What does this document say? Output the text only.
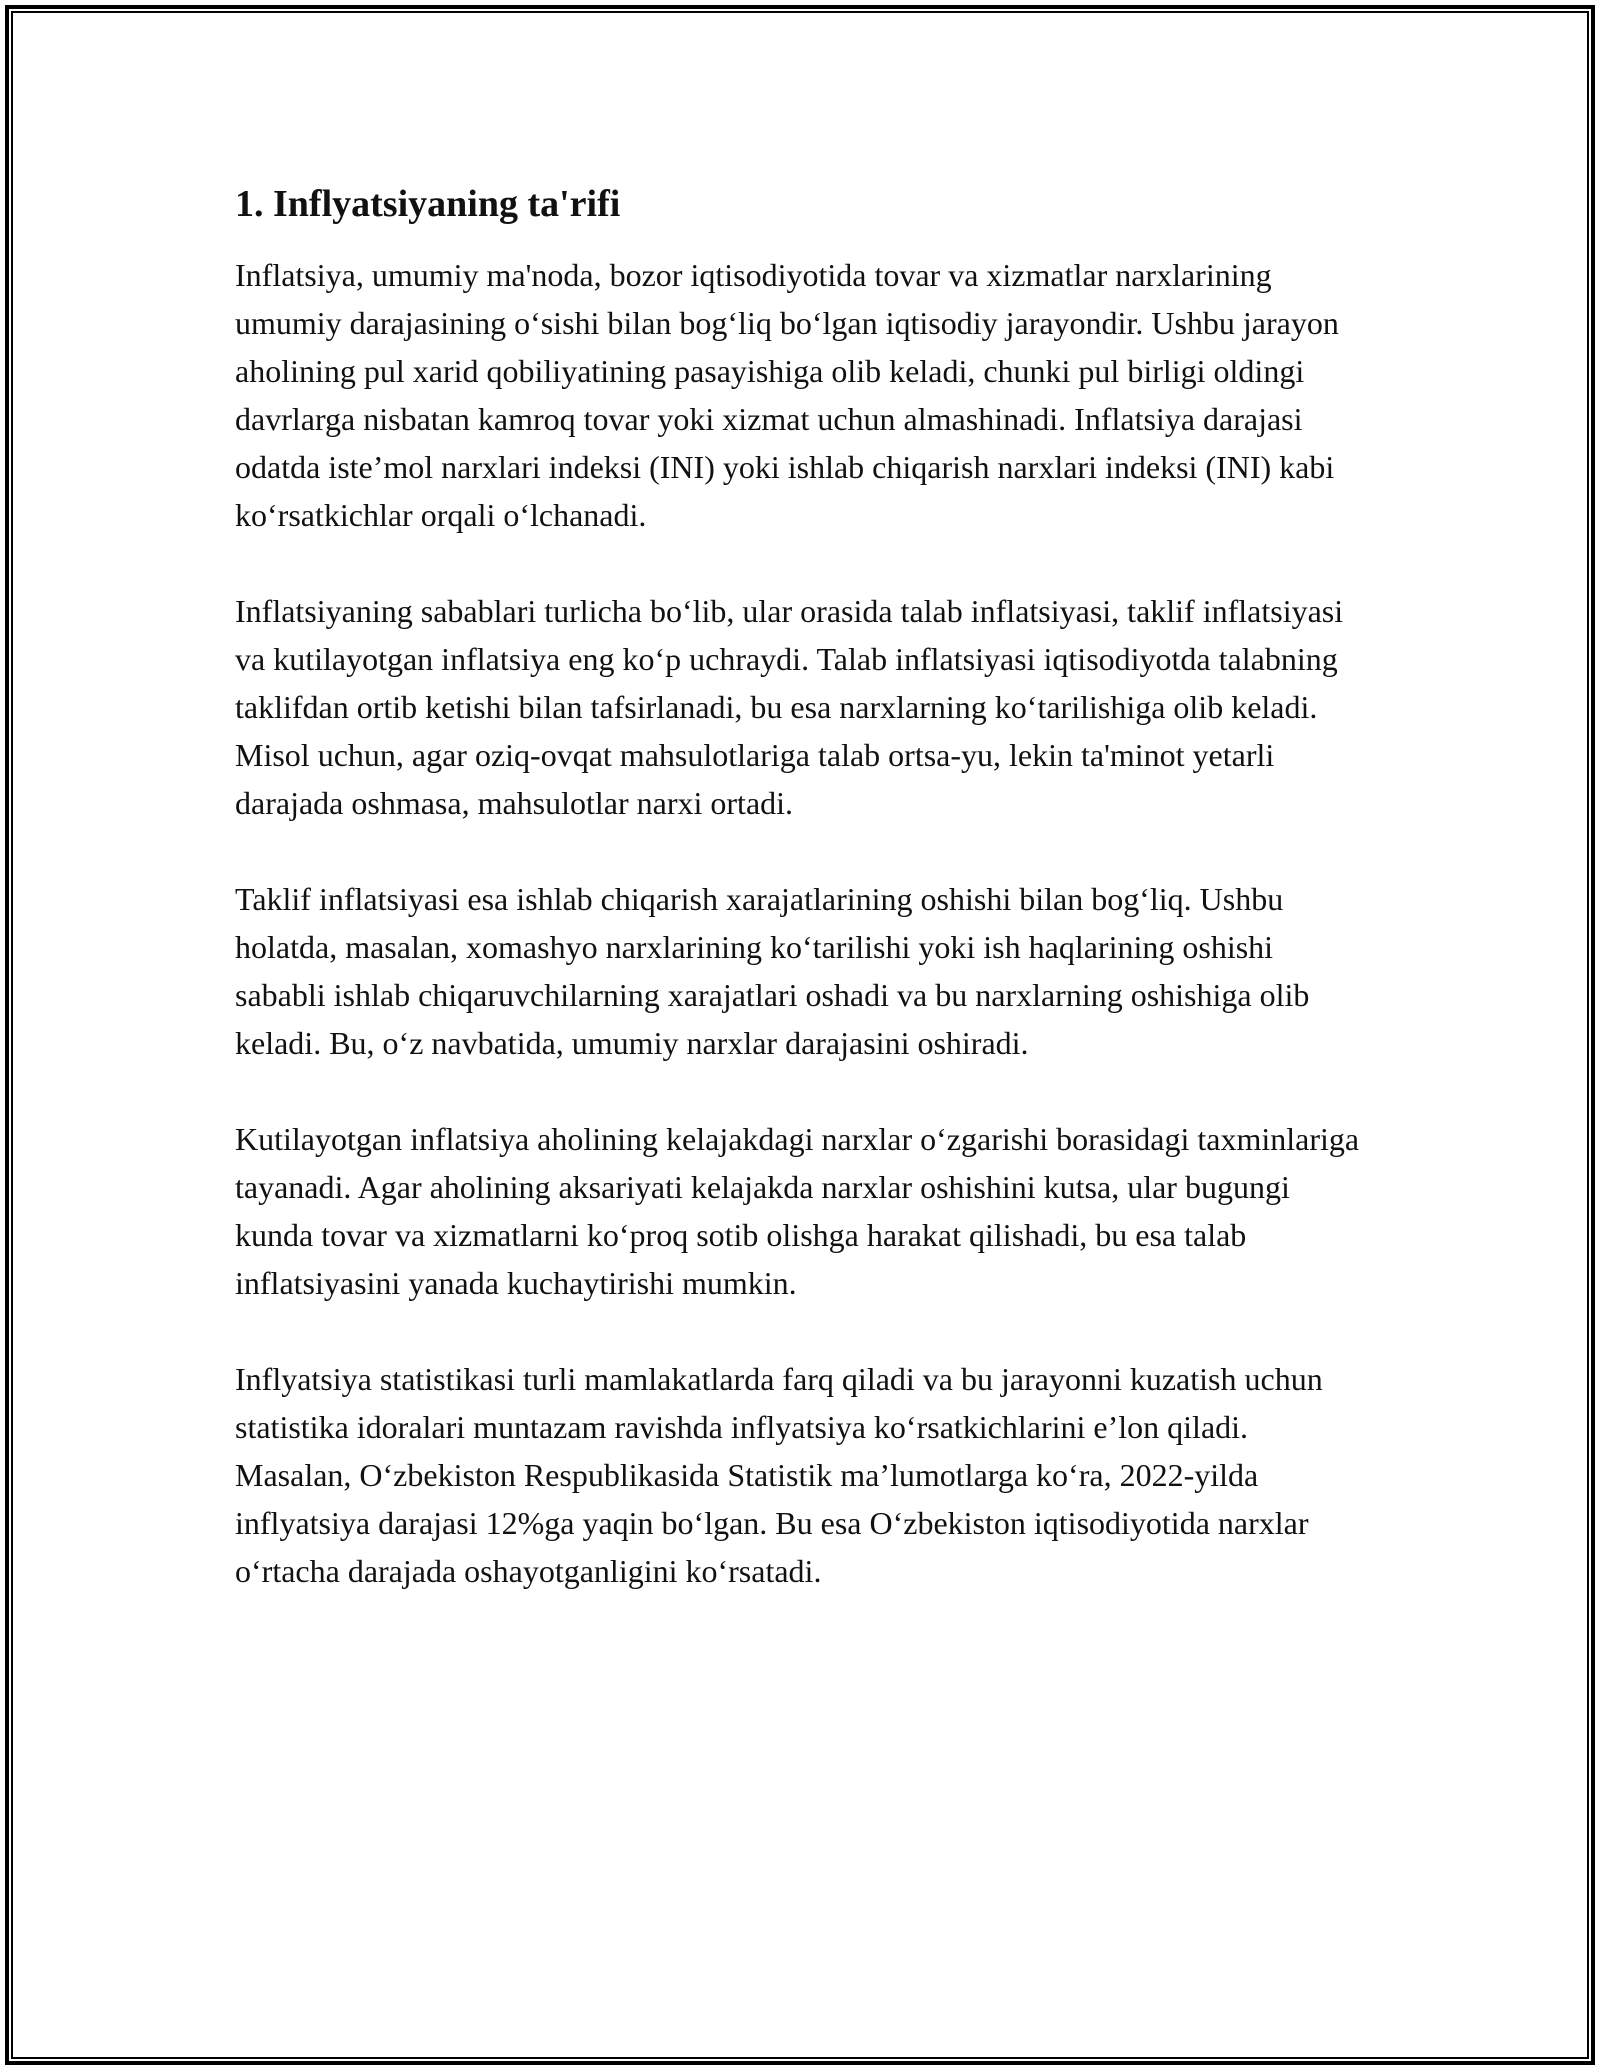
1. Inflyatsiyaning ta'rifi

Inflatsiya, umumiy ma'noda, bozor iqtisodiyotida tovar va xizmatlar narxlarining umumiy darajasining o‘sishi bilan bog‘liq bo‘lgan iqtisodiy jarayondir. Ushbu jarayon aholining pul xarid qobiliyatining pasayishiga olib keladi, chunki pul birligi oldingi davrlarga nisbatan kamroq tovar yoki xizmat uchun almashinadi. Inflatsiya darajasi odatda iste’mol narxlari indeksi (INI) yoki ishlab chiqarish narxlari indeksi (INI) kabi ko‘rsatkichlar orqali o‘lchanadi.

Inflatsiyaning sabablari turlicha bo‘lib, ular orasida talab inflatsiyasi, taklif inflatsiyasi va kutilayotgan inflatsiya eng ko‘p uchraydi. Talab inflatsiyasi iqtisodiyotda talabning taklifdan ortib ketishi bilan tafsirlanadi, bu esa narxlarning ko‘tarilishiga olib keladi. Misol uchun, agar oziq-ovqat mahsulotlariga talab ortsa-yu, lekin ta'minot yetarli darajada oshmasa, mahsulotlar narxi ortadi.

Taklif inflatsiyasi esa ishlab chiqarish xarajatlarining oshishi bilan bog‘liq. Ushbu holatda, masalan, xomashyo narxlarining ko‘tarilishi yoki ish haqlarining oshishi sababli ishlab chiqaruvchilarning xarajatlari oshadi va bu narxlarning oshishiga olib keladi. Bu, o‘z navbatida, umumiy narxlar darajasini oshiradi.

Kutilayotgan inflatsiya aholining kelajakdagi narxlar o‘zgarishi borasidagi taxminlariga tayanadi. Agar aholining aksariyati kelajakda narxlar oshishini kutsa, ular bugungi kunda tovar va xizmatlarni ko‘proq sotib olishga harakat qilishadi, bu esa talab inflatsiyasini yanada kuchaytirishi mumkin.

Inflyatsiya statistikasi turli mamlakatlarda farq qiladi va bu jarayonni kuzatish uchun statistika idoralari muntazam ravishda inflyatsiya ko‘rsatkichlarini e’lon qiladi. Masalan, O‘zbekiston Respublikasida Statistik ma’lumotlarga ko‘ra, 2022-yilda inflyatsiya darajasi 12%ga yaqin bo‘lgan. Bu esa O‘zbekiston iqtisodiyotida narxlar o‘rtacha darajada oshayotganligini ko‘rsatadi.
